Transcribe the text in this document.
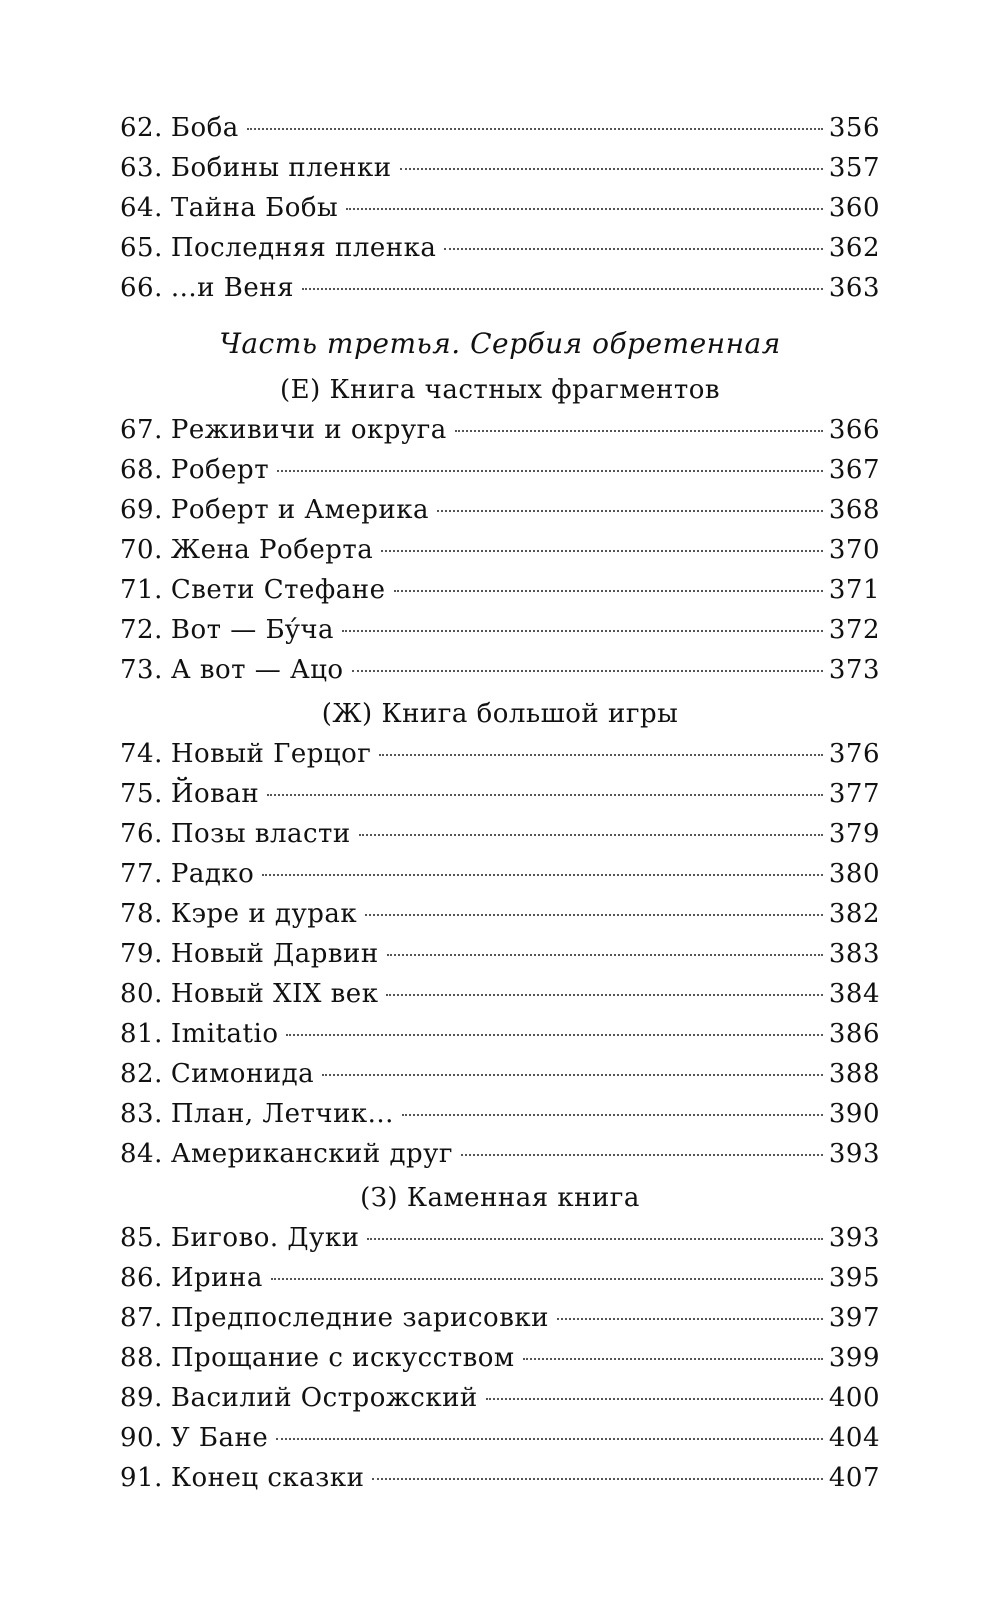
62. Боба	356
63. Бобины пленки	357
64. Тайна Бобы	360
65. Последняя пленка	362
66. ...и Веня	363
Часть третья. Сербия обретенная
(Е) Книга частных фрагментов
67. Реживичи и округа	366
68. Роберт	367
69. Роберт и Америка	368
70. Жена Роберта	370
71. Свети Стефане	371
72. Вот — Бýча	372
73. А вот — Ацо	373
(Ж) Книга большой игры
74. Новый Герцог	376
75. Йован	377
76. Позы власти	379
77. Радко	380
78. Кэре и дурак	382
79. Новый Дарвин	383
80. Новый XIX век	384
81. Imitatio	386
82. Симонида	388
83. План, Летчик...	390
84. Американский друг	393
(З) Каменная книга
85. Бигово. Дуки	393
86. Ирина	395
87. Предпоследние зарисовки	397
88. Прощание с искусством	399
89. Василий Острожский	400
90. У Бане	404
91. Конец сказки	407
